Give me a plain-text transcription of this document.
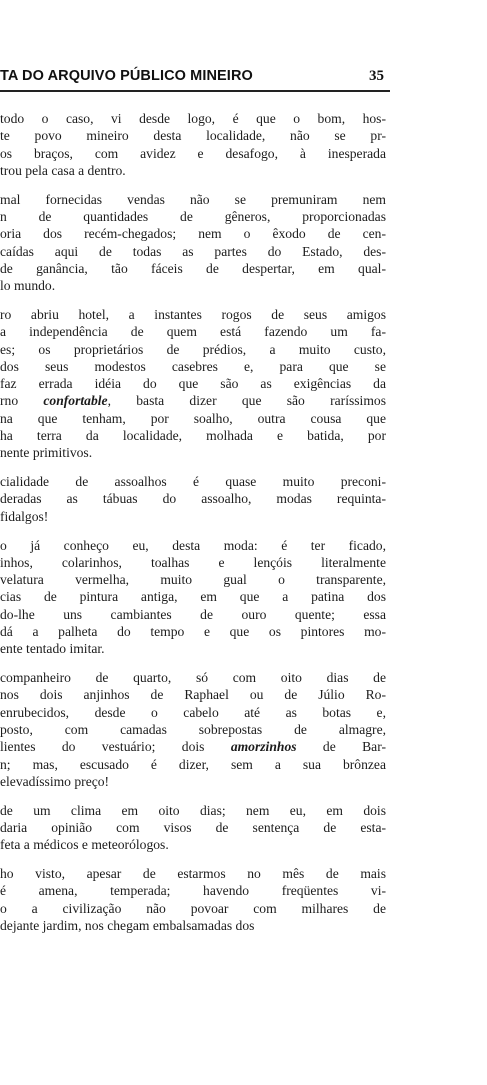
TA DO ARQUIVO PÚBLICO MINEIRO	35
todo o caso, vi desde logo, é que o bom, hos-
te povo mineiro desta localidade, não se pr-
os braços, com avidez e desafogo, à inesperada
trou pela casa a dentro.
mal fornecidas vendas não se premuniram nem
n de quantidades de gêneros, proporcionadas
oria dos recém-chegados; nem o êxodo de cen-
caídas aqui de todas as partes do Estado, des-
de ganância, tão fáceis de despertar, em qual-
lo mundo.
ro abriu hotel, a instantes rogos de seus amigos
a independência de quem está fazendo um fa-
es; os proprietários de prédios, a muito custo,
dos seus modestos casebres e, para que se
faz errada idéia do que são as exigências da
rno confortable, basta dizer que são raríssimos
na que tenham, por soalho, outra cousa que
ha terra da localidade, molhada e batida, por
nente primitivos.
cialidade de assoalhos é quase muito preconi-
deradas as tábuas do assoalho, modas requinta-
fidalgos!
o já conheço eu, desta moda: é ter ficado,
inhos, colarinhos, toalhas e lençóis literalmente
velatura vermelha, muito gual o transparente,
cias de pintura antiga, em que a patina dos
do-lhe uns cambiantes de ouro quente; essa
dá a palheta do tempo e que os pintores mo-
ente tentado imitar.
companheiro de quarto, só com oito dias de
nos dois anjinhos de Raphael ou de Júlio Ro-
enrubecidos, desde o cabelo até as botas e,
posto, com camadas sobrepostas de almagre,
lientes do vestuário; dois amorzinhos de Bar-
n; mas, escusado é dizer, sem a sua brônzea
elevadíssimo preço!
de um clima em oito dias; nem eu, em dois
daria opinião com visos de sentença de esta-
feta a médicos e meteorólogos.
ho visto, apesar de estarmos no mês de mais
é amena, temperada; havendo freqüentes vi-
o a civilização não povoar com milhares de
dejante jardim, nos chegam embalsamadas dos
